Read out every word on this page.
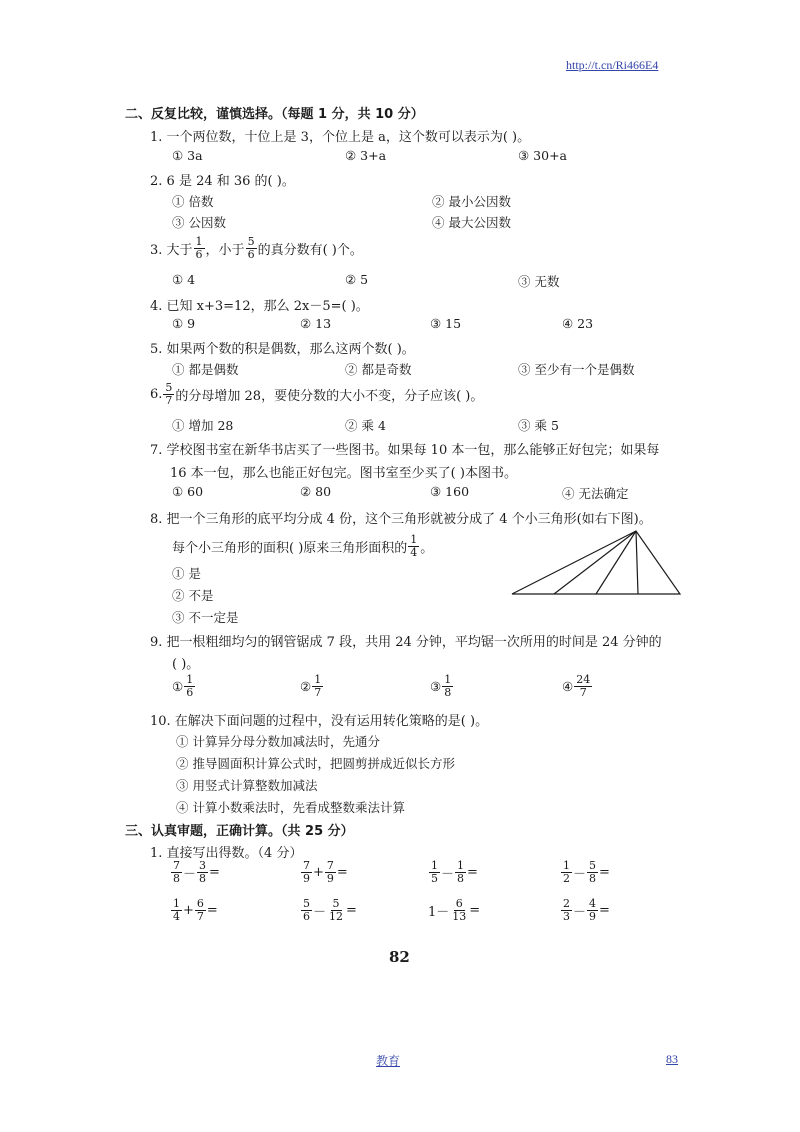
http://t.cn/Ri466E4
二、反复比较，谨慎选择。（每题 1 分，共 10 分）
1. 一个两位数，十位上是 3，个位上是 a，这个数可以表示为( )。
① 3a	② 3+a	③ 30+a
2. 6 是 24 和 36 的( )。
① 倍数	② 最小公因数
③ 公因数	④ 最大公因数
3. 大于 $\frac{1}{6}$ ，小于 $\frac{5}{6}$ 的真分数有( )个。
① 4	② 5	③ 无数
4. 已知 x+3=12，那么 2x－5=( )。
① 9	② 13	③ 15	④ 23
5. 如果两个数的积是偶数，那么这两个数( )。
① 都是偶数	② 都是奇数	③ 至少有一个是偶数
6. $\frac{5}{7}$ 的分母增加 28，要使分数的大小不变，分子应该( )。
① 增加 28	② 乘 4	③ 乘 5
7. 学校图书室在新华书店买了一些图书。如果每 10 本一包，那么能够正好包完；如果每
16 本一包，那么也能正好包完。图书室至少买了( )本图书。
① 60	② 80	③ 160	④ 无法确定
8. 把一个三角形的底平均分成 4 份，这个三角形就被分成了 4 个小三角形(如右下图)。
每个小三角形的面积( )原来三角形面积的 $\frac{1}{4}$ 。
① 是
② 不是
③ 不一定是
9. 把一根粗细均匀的钢管锯成 7 段，共用 24 分钟，平均锯一次所用的时间是 24 分钟的
( )。
① $\frac{1}{6}$	② $\frac{1}{7}$	③ $\frac{1}{8}$	④ $\frac{24}{7}$
10. 在解决下面问题的过程中，没有运用转化策略的是( )。
① 计算异分母分数加减法时，先通分
② 推导圆面积计算公式时，把圆剪拼成近似长方形
③ 用竖式计算整数加减法
④ 计算小数乘法时，先看成整数乘法计算
三、认真审题，正确计算。（共 25 分）
1. 直接写出得数。（4 分）
$\frac{7}{8} - \frac{3}{8}$ =	$\frac{7}{9} + \frac{7}{9}$ =	$\frac{1}{5} - \frac{1}{8}$ =	$\frac{1}{2} - \frac{5}{8}$ =
$\frac{1}{4} + \frac{6}{7}$ =	$\frac{5}{6} - \frac{5}{12}$ =	$1- \frac{6}{13}$ =	$\frac{2}{3} - \frac{4}{9}$ =
82
教育	83
